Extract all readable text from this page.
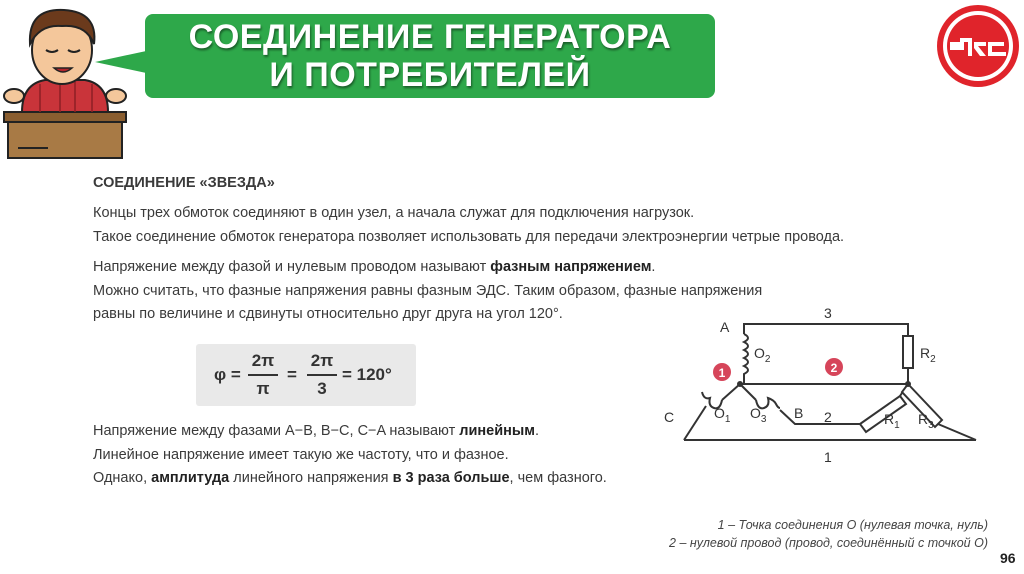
СОЕДИНЕНИЕ ГЕНЕРАТОРА
И ПОТРЕБИТЕЛЕЙ
СОЕДИНЕНИЕ «ЗВЕЗДА»
Концы трех обмоток соединяют в один узел, а начала служат для подключения нагрузок.
Такое соединение обмоток генератора позволяет использовать для передачи электроэнергии четрые провода.
Напряжение между фазой и нулевым проводом называют фазным напряжением.
Можно считать, что фазные напряжения равны фазным ЭДС. Таким образом, фазные напряжения
равны по величине и сдвинуты относительно друг друга на угол 120°.
φ =
2π
π
=
2π
3
= 120°
Напряжение между фазами A−B, B−C, C−A называют линейным.
Линейное напряжение имеет такую же частоту, что и фазное.
Однако, амплитуда линейного напряжения в 3 раза больше, чем фазного.
1	2
A
3
$O_2$	$R_2$
C	$O_1$ $O_3$ B 2	$R_1$ $R_3$
1
1 – Точка соединения О (нулевая точка, нуль)
2 – нулевой провод (провод, соединённый с точкой О)
96
